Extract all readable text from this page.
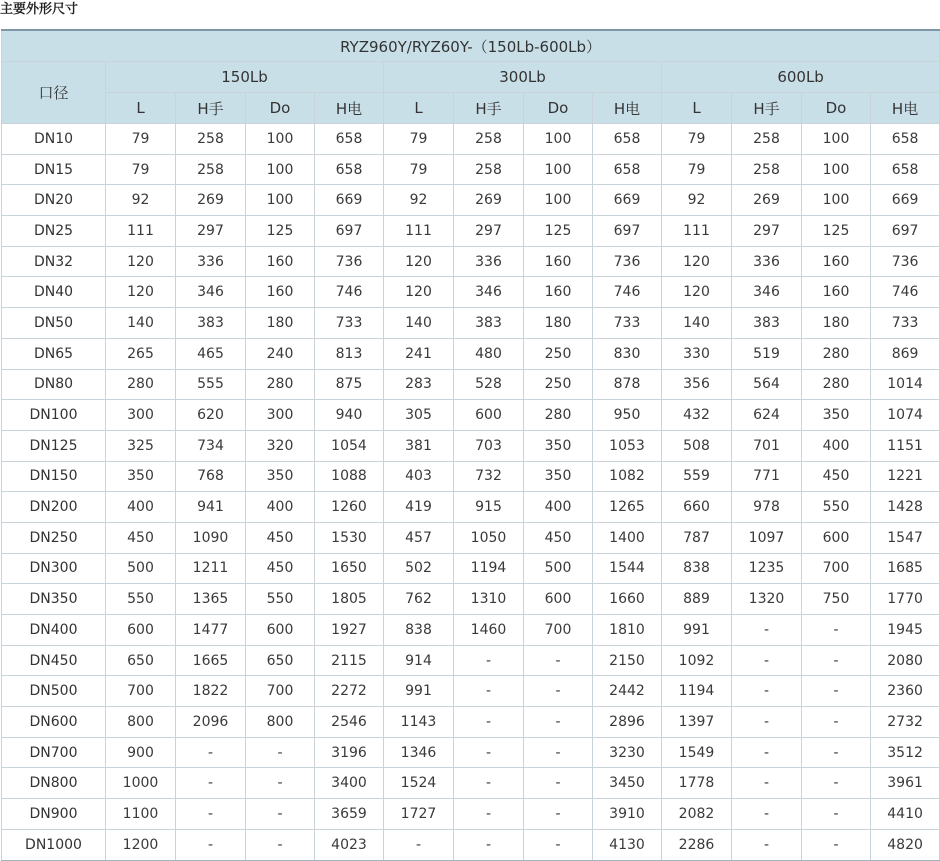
主要外形尺寸
RYZ960Y/RYZ60Y-（150Lb-600Lb）												
口径	150Lb				300Lb				600Lb			
	L	H手	Do	H电	L	H手	Do	H电	L	H手	Do	H电
DN10	79	258	100	658	79	258	100	658	79	258	100	658
DN15	79	258	100	658	79	258	100	658	79	258	100	658
DN20	92	269	100	669	92	269	100	669	92	269	100	669
DN25	111	297	125	697	111	297	125	697	111	297	125	697
DN32	120	336	160	736	120	336	160	736	120	336	160	736
DN40	120	346	160	746	120	346	160	746	120	346	160	746
DN50	140	383	180	733	140	383	180	733	140	383	180	733
DN65	265	465	240	813	241	480	250	830	330	519	280	869
DN80	280	555	280	875	283	528	250	878	356	564	280	1014
DN100	300	620	300	940	305	600	280	950	432	624	350	1074
DN125	325	734	320	1054	381	703	350	1053	508	701	400	1151
DN150	350	768	350	1088	403	732	350	1082	559	771	450	1221
DN200	400	941	400	1260	419	915	400	1265	660	978	550	1428
DN250	450	1090	450	1530	457	1050	450	1400	787	1097	600	1547
DN300	500	1211	450	1650	502	1194	500	1544	838	1235	700	1685
DN350	550	1365	550	1805	762	1310	600	1660	889	1320	750	1770
DN400	600	1477	600	1927	838	1460	700	1810	991	-	-	1945
DN450	650	1665	650	2115	914	-	-	2150	1092	-	-	2080
DN500	700	1822	700	2272	991	-	-	2442	1194	-	-	2360
DN600	800	2096	800	2546	1143	-	-	2896	1397	-	-	2732
DN700	900	-	-	3196	1346	-	-	3230	1549	-	-	3512
DN800	1000	-	-	3400	1524	-	-	3450	1778	-	-	3961
DN900	1100	-	-	3659	1727	-	-	3910	2082	-	-	4410
DN1000	1200	-	-	4023	-	-	-	4130	2286	-	-	4820
